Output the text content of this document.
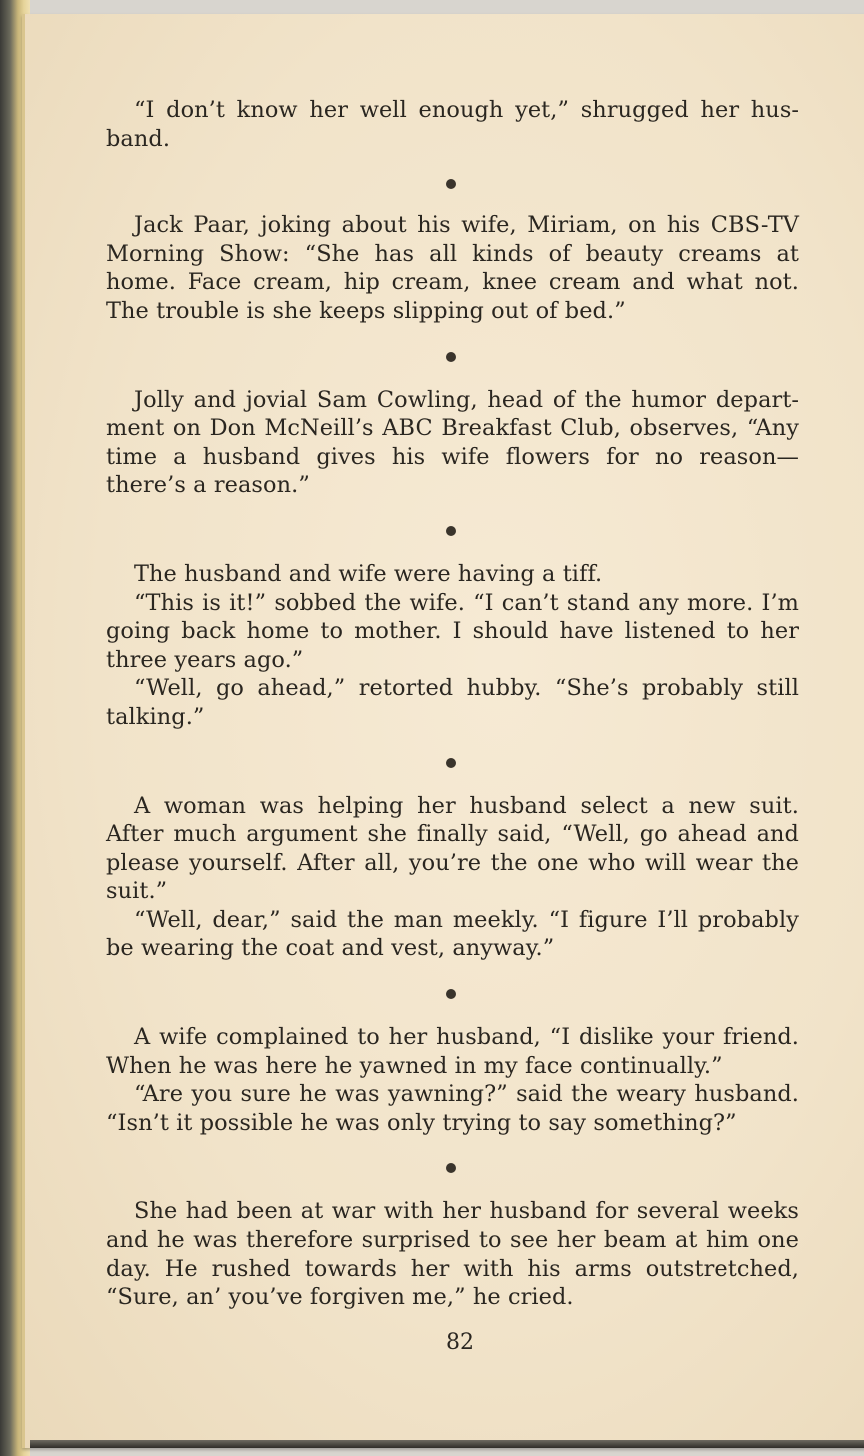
“I don’t know her well enough yet,” shrugged her husband.

Jack Paar, joking about his wife, Miriam, on his CBS-TV Morning Show: “She has all kinds of beauty creams at home. Face cream, hip cream, knee cream and what not. The trouble is she keeps slipping out of bed.”

Jolly and jovial Sam Cowling, head of the humor department on Don McNeill’s ABC Breakfast Club, observes, “Any time a husband gives his wife flowers for no reason— there’s a reason.”

The husband and wife were having a tiff.

“This is it!” sobbed the wife. “I can’t stand any more. I’m going back home to mother. I should have listened to her three years ago.”

“Well, go ahead,” retorted hubby. “She’s probably still talking.”

A woman was helping her husband select a new suit. After much argument she finally said, “Well, go ahead and please yourself. After all, you’re the one who will wear the suit.”

“Well, dear,” said the man meekly. “I figure I’ll probably be wearing the coat and vest, anyway.”

A wife complained to her husband, “I dislike your friend. When he was here he yawned in my face continually.”

“Are you sure he was yawning?” said the weary husband. “Isn’t it possible he was only trying to say something?”

She had been at war with her husband for several weeks and he was therefore surprised to see her beam at him one day. He rushed towards her with his arms outstretched, “Sure, an’ you’ve forgiven me,” he cried.

82
